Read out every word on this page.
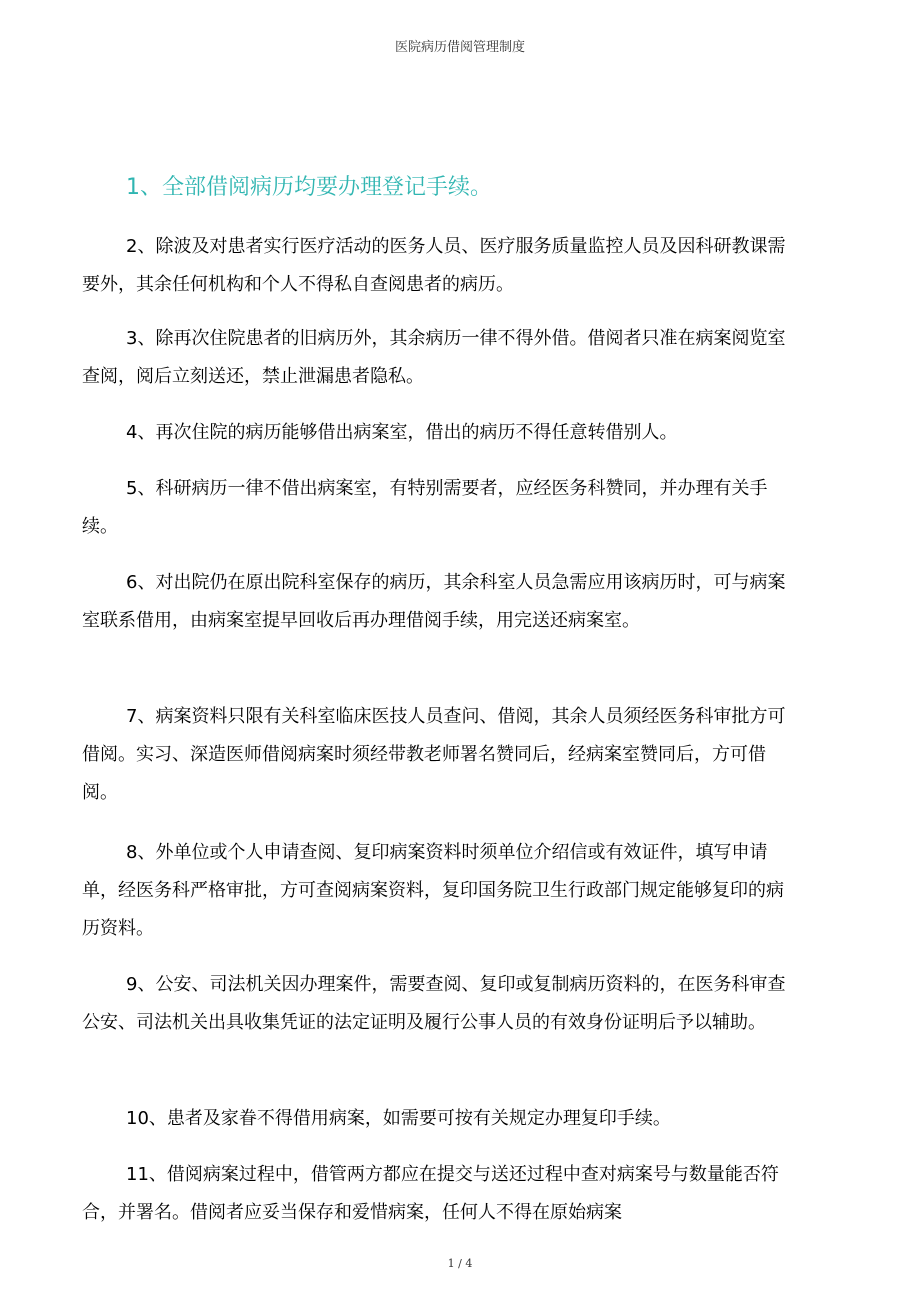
医院病历借阅管理制度
1、全部借阅病历均要办理登记手续。

2、除波及对患者实行医疗活动的医务人员、医疗服务质量监控人员及因科研教课需要外，其余任何机构和个人不得私自查阅患者的病历。

3、除再次住院患者的旧病历外，其余病历一律不得外借。借阅者只准在病案阅览室查阅，阅后立刻送还，禁止泄漏患者隐私。

4、再次住院的病历能够借出病案室，借出的病历不得任意转借别人。

5、科研病历一律不借出病案室，有特别需要者，应经医务科赞同，并办理有关手续。

6、对出院仍在原出院科室保存的病历，其余科室人员急需应用该病历时，可与病案室联系借用，由病案室提早回收后再办理借阅手续，用完送还病案室。

7、病案资料只限有关科室临床医技人员查问、借阅，其余人员须经医务科审批方可借阅。实习、深造医师借阅病案时须经带教老师署名赞同后，经病案室赞同后，方可借阅。

8、外单位或个人申请查阅、复印病案资料时须单位介绍信或有效证件，填写申请单，经医务科严格审批，方可查阅病案资料，复印国务院卫生行政部门规定能够复印的病历资料。

9、公安、司法机关因办理案件，需要查阅、复印或复制病历资料的，在医务科审查公安、司法机关出具收集凭证的法定证明及履行公事人员的有效身份证明后予以辅助。

10、患者及家眷不得借用病案，如需要可按有关规定办理复印手续。

11、借阅病案过程中，借管两方都应在提交与送还过程中查对病案号与数量能否符合，并署名。借阅者应妥当保存和爱惜病案，任何人不得在原始病案

1 / 4
